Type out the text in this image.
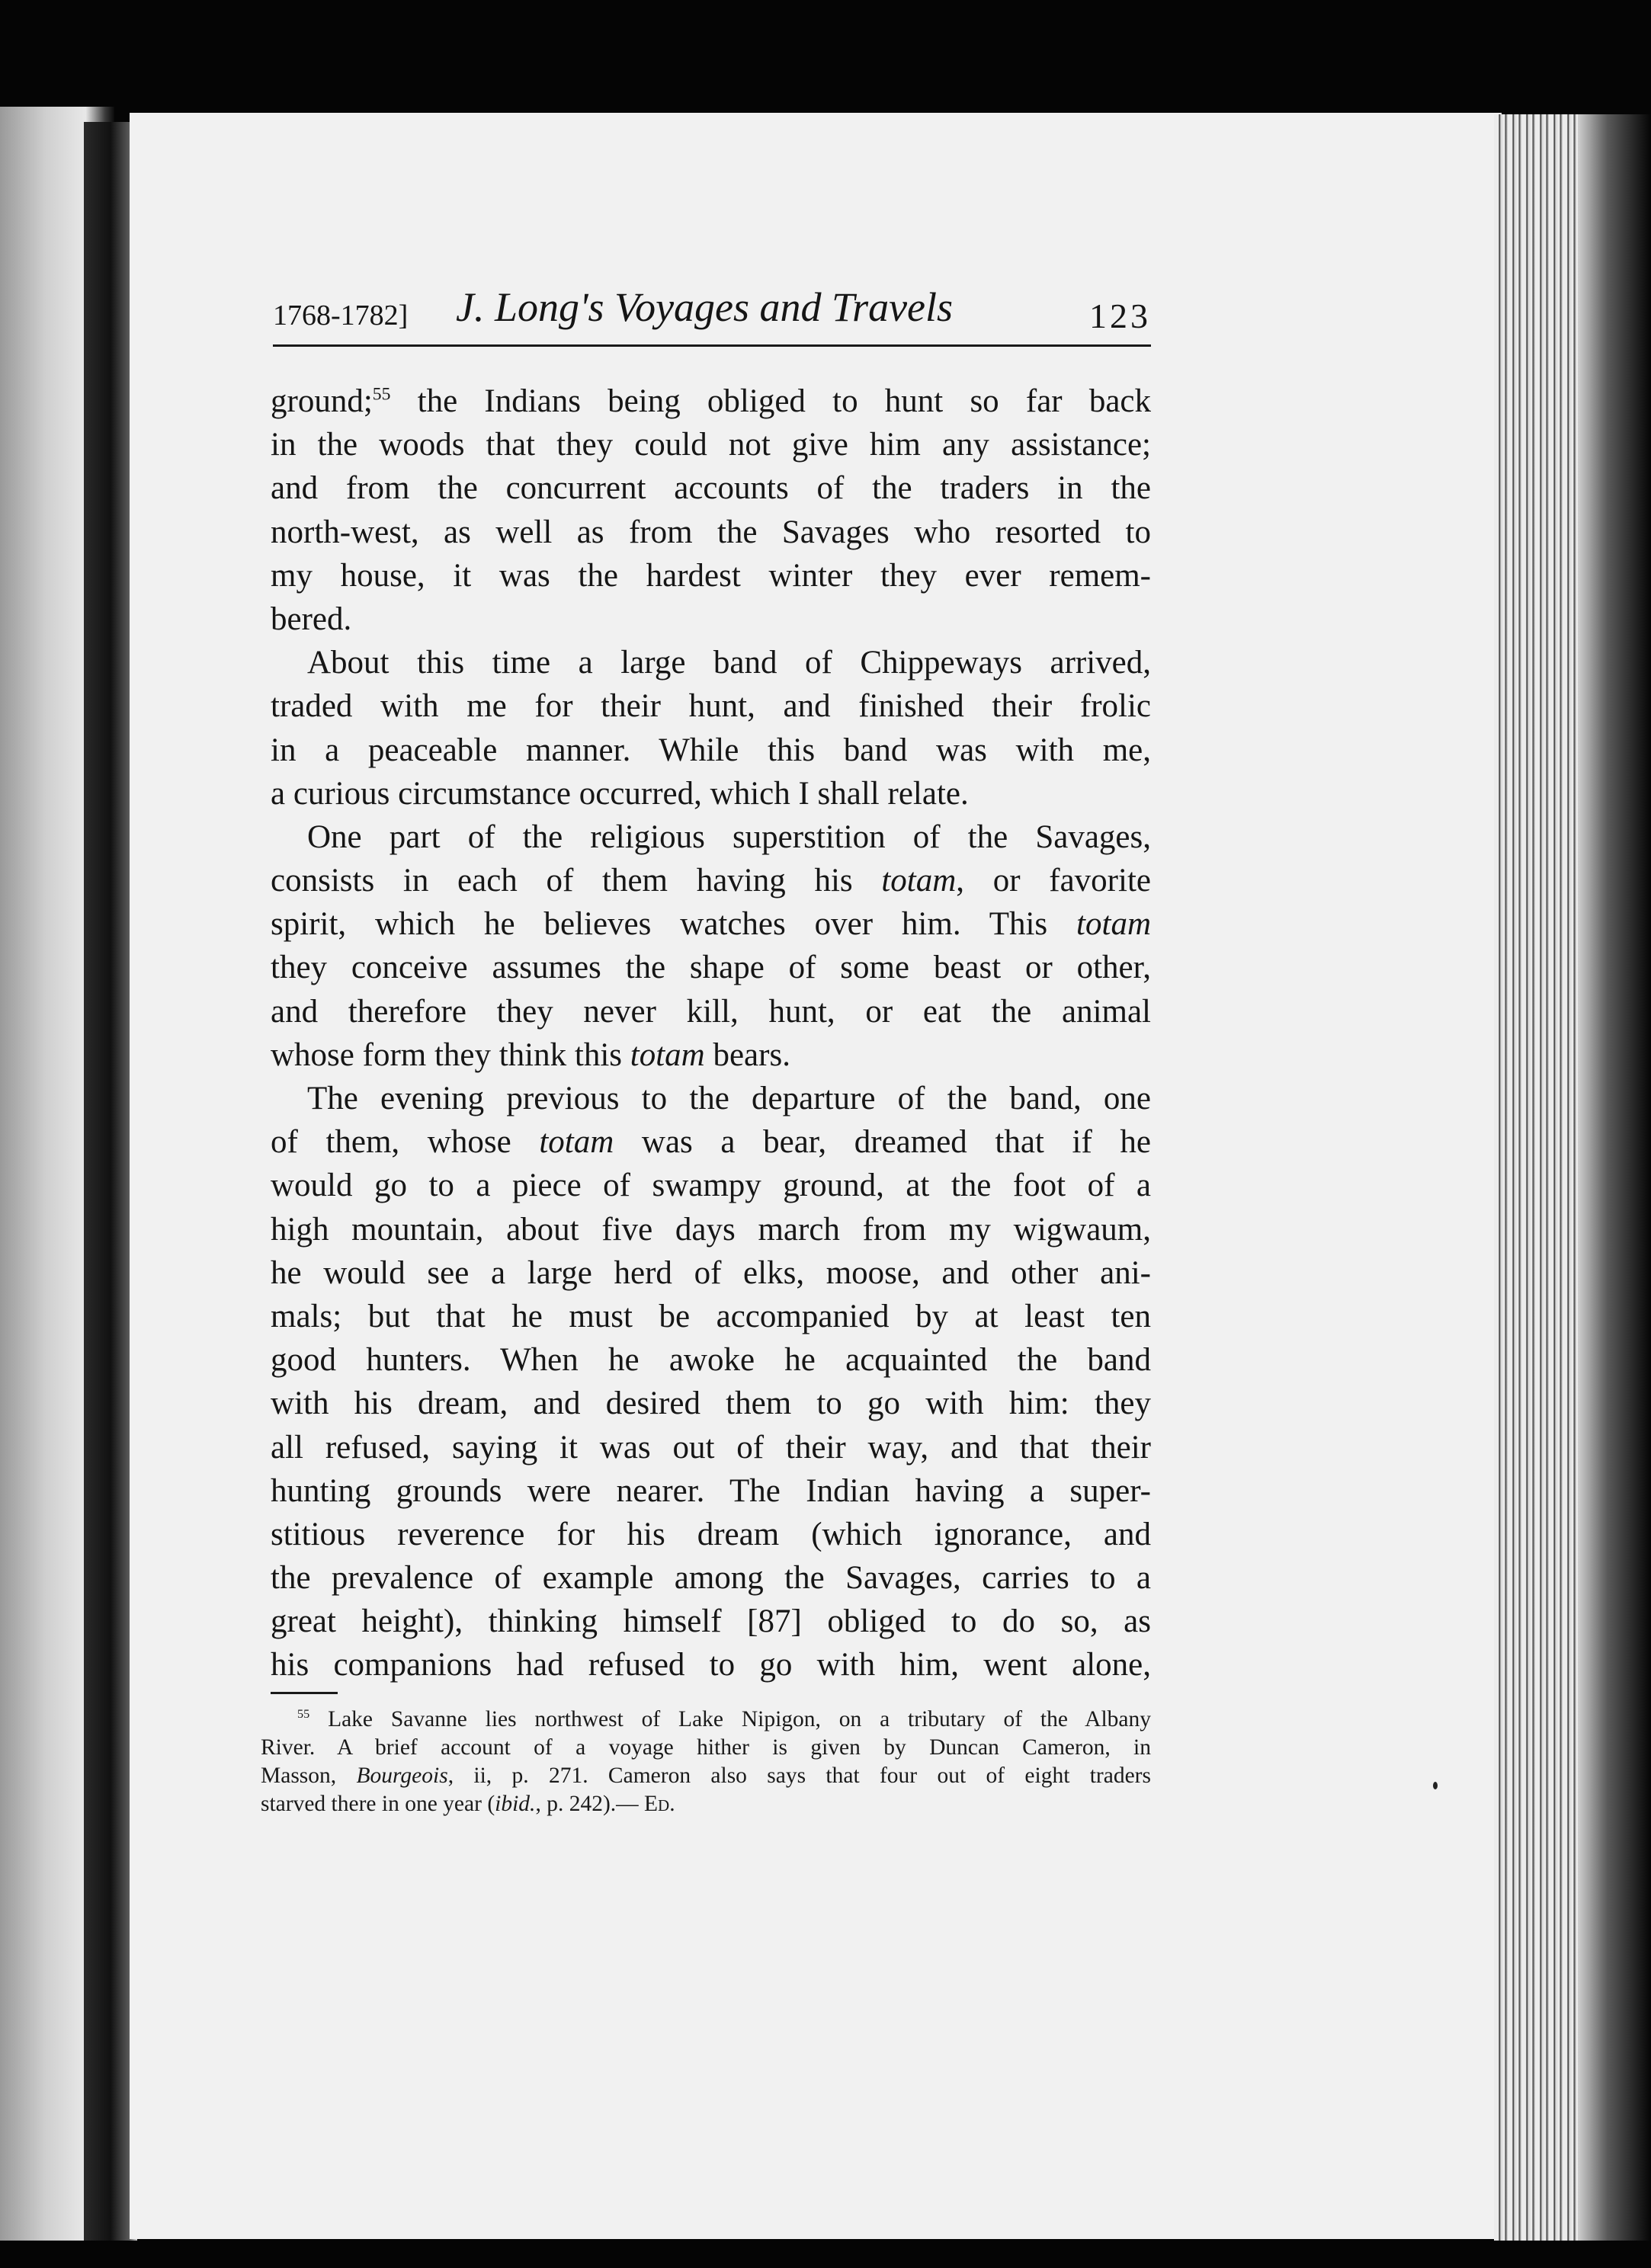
1768-1782] J. Long's Voyages and Travels	123
ground;$^{55}$ the Indians being obliged to hunt so far back
in the woods that they could not give him any assistance;
and from the concurrent accounts of the traders in the
north-west, as well as from the Savages who resorted to
my house, it was the hardest winter they ever remem-
bered.
About this time a large band of Chippeways arrived,
traded with me for their hunt, and finished their frolic
in a peaceable manner. While this band was with me,
a curious circumstance occurred, which I shall relate.
One part of the religious superstition of the Savages,
consists in each of them having his totam, or favorite
spirit, which he believes watches over him. This totam
they conceive assumes the shape of some beast or other,
and therefore they never kill, hunt, or eat the animal
whose form they think this totam bears.
The evening previous to the departure of the band, one
of them, whose totam was a bear, dreamed that if he
would go to a piece of swampy ground, at the foot of a
high mountain, about five days march from my wigwaum,
he would see a large herd of elks, moose, and other ani-
mals; but that he must be accompanied by at least ten
good hunters. When he awoke he acquainted the band
with his dream, and desired them to go with him: they
all refused, saying it was out of their way, and that their
hunting grounds were nearer. The Indian having a super-
stitious reverence for his dream (which ignorance, and
the prevalence of example among the Savages, carries to a
great height), thinking himself [87] obliged to do so, as
his companions had refused to go with him, went alone,
$^{55}$ Lake Savanne lies northwest of Lake Nipigon, on a tributary of the Albany
River. A brief account of a voyage hither is given by Duncan Cameron, in
Masson, Bourgeois, ii, p. 271. Cameron also says that four out of eight traders
starved there in one year (ibid., p. 242).— Ed.
